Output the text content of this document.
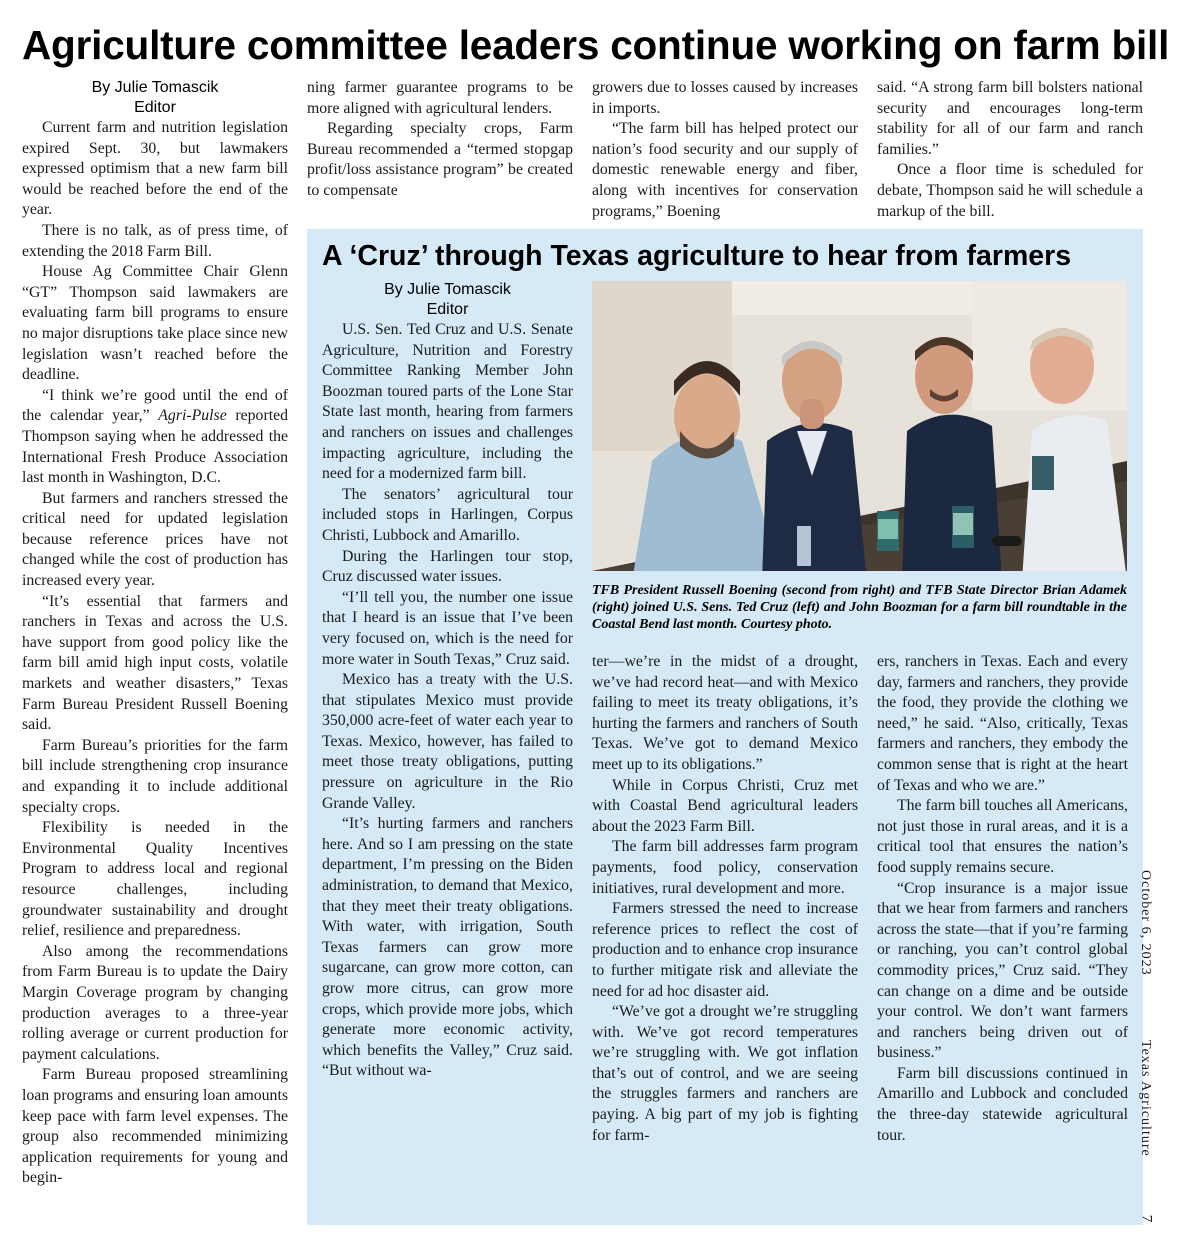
Agriculture committee leaders continue working on farm bill
By Julie Tomascik
Editor

Current farm and nutrition legislation expired Sept. 30, but lawmakers expressed optimism that a new farm bill would be reached before the end of the year.

There is no talk, as of press time, of extending the 2018 Farm Bill.

House Ag Committee Chair Glenn “GT” Thompson said lawmakers are evaluating farm bill programs to ensure no major disruptions take place since new legislation wasn’t reached before the deadline.

“I think we’re good until the end of the calendar year,” Agri-Pulse reported Thompson saying when he addressed the International Fresh Produce Association last month in Washington, D.C.

But farmers and ranchers stressed the critical need for updated legislation because reference prices have not changed while the cost of production has increased every year.

“It’s essential that farmers and ranchers in Texas and across the U.S. have support from good policy like the farm bill amid high input costs, volatile markets and weather disasters,” Texas Farm Bureau President Russell Boening said.

Farm Bureau’s priorities for the farm bill include strengthening crop insurance and expanding it to include additional specialty crops.

Flexibility is needed in the Environmental Quality Incentives Program to address local and regional resource challenges, including groundwater sustainability and drought relief, resilience and preparedness.

Also among the recommendations from Farm Bureau is to update the Dairy Margin Coverage program by changing production averages to a three-year rolling average or current production for payment calculations.

Farm Bureau proposed streamlining loan programs and ensuring loan amounts keep pace with farm level expenses. The group also recommended minimizing application requirements for young and begin-

ning farmer guarantee programs to be more aligned with agricultural lenders.

Regarding specialty crops, Farm Bureau recommended a “termed stopgap profit/loss assistance program” be created to compensate

growers due to losses caused by increases in imports.

“The farm bill has helped protect our nation’s food security and our supply of domestic renewable energy and fiber, along with incentives for conservation programs,” Boening

said. “A strong farm bill bolsters national security and encourages long-term stability for all of our farm and ranch families.”

Once a floor time is scheduled for debate, Thompson said he will schedule a markup of the bill.

A ‘Cruz’ through Texas agriculture to hear from farmers
By Julie Tomascik
Editor

U.S. Sen. Ted Cruz and U.S. Senate Agriculture, Nutrition and Forestry Committee Ranking Member John Boozman toured parts of the Lone Star State last month, hearing from farmers and ranchers on issues and challenges impacting agriculture, including the need for a modernized farm bill.

The senators’ agricultural tour included stops in Harlingen, Corpus Christi, Lubbock and Amarillo.

During the Harlingen tour stop, Cruz discussed water issues.

“I’ll tell you, the number one issue that I heard is an issue that I’ve been very focused on, which is the need for more water in South Texas,” Cruz said.

Mexico has a treaty with the U.S. that stipulates Mexico must provide 350,000 acre-feet of water each year to Texas. Mexico, however, has failed to meet those treaty obligations, putting pressure on agriculture in the Rio Grande Valley.

“It’s hurting farmers and ranchers here. And so I am pressing on the state department, I’m pressing on the Biden administration, to demand that Mexico, that they meet their treaty obligations. With water, with irrigation, South Texas farmers can grow more sugarcane, can grow more cotton, can grow more citrus, can grow more crops, which provide more jobs, which generate more economic activity, which benefits the Valley,” Cruz said. “But without wa-

TFB President Russell Boening (second from right) and TFB State Director Brian Adamek (right) joined U.S. Sens. Ted Cruz (left) and John Boozman for a farm bill roundtable in the Coastal Bend last month. Courtesy photo.

ter—we’re in the midst of a drought, we’ve had record heat—and with Mexico failing to meet its treaty obligations, it’s hurting the farmers and ranchers of South Texas. We’ve got to demand Mexico meet up to its obligations.”

While in Corpus Christi, Cruz met with Coastal Bend agricultural leaders about the 2023 Farm Bill.

The farm bill addresses farm program payments, food policy, conservation initiatives, rural development and more.

Farmers stressed the need to increase reference prices to reflect the cost of production and to enhance crop insurance to further mitigate risk and alleviate the need for ad hoc disaster aid.

“We’ve got a drought we’re struggling with. We’ve got record temperatures we’re struggling with. We got inflation that’s out of control, and we are seeing the struggles farmers and ranchers are paying. A big part of my job is fighting for farm-

ers, ranchers in Texas. Each and every day, farmers and ranchers, they provide the food, they provide the clothing we need,” he said. “Also, critically, Texas farmers and ranchers, they embody the common sense that is right at the heart of Texas and who we are.”

The farm bill touches all Americans, not just those in rural areas, and it is a critical tool that ensures the nation’s food supply remains secure.

“Crop insurance is a major issue that we hear from farmers and ranchers across the state—that if you’re farming or ranching, you can’t control global commodity prices,” Cruz said. “They can change on a dime and be outside your control. We don’t want farmers and ranchers being driven out of business.”

Farm bill discussions continued in Amarillo and Lubbock and concluded the three-day statewide agricultural tour.

October 6, 2023
Texas Agriculture
7
